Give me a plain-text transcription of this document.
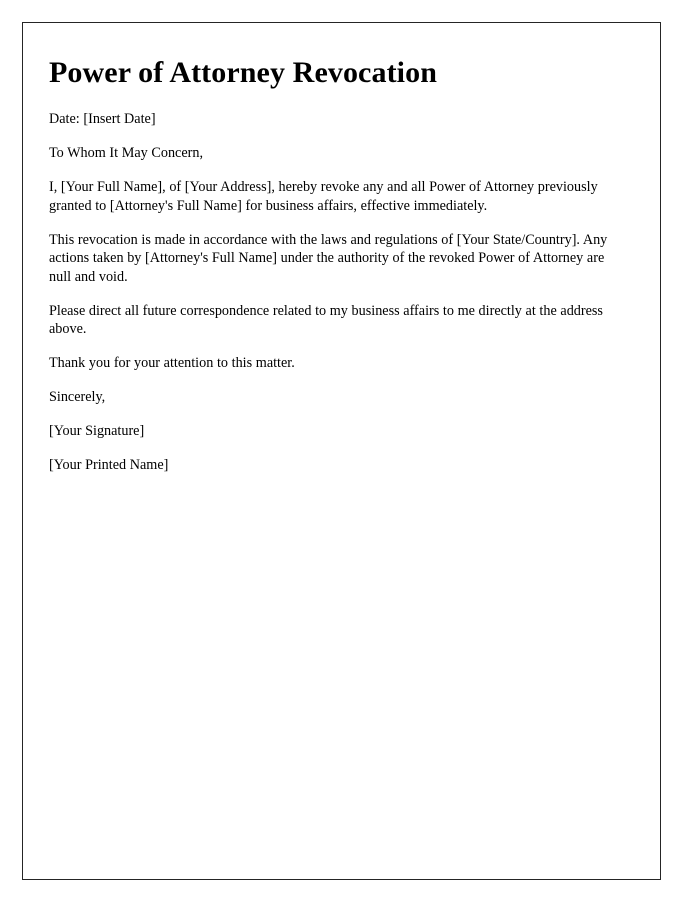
Power of Attorney Revocation

Date: [Insert Date]

To Whom It May Concern,

I, [Your Full Name], of [Your Address], hereby revoke any and all Power of Attorney previously granted to [Attorney's Full Name] for business affairs, effective immediately.

This revocation is made in accordance with the laws and regulations of [Your State/Country]. Any actions taken by [Attorney's Full Name] under the authority of the revoked Power of Attorney are null and void.

Please direct all future correspondence related to my business affairs to me directly at the address above.

Thank you for your attention to this matter.

Sincerely,

[Your Signature]

[Your Printed Name]
